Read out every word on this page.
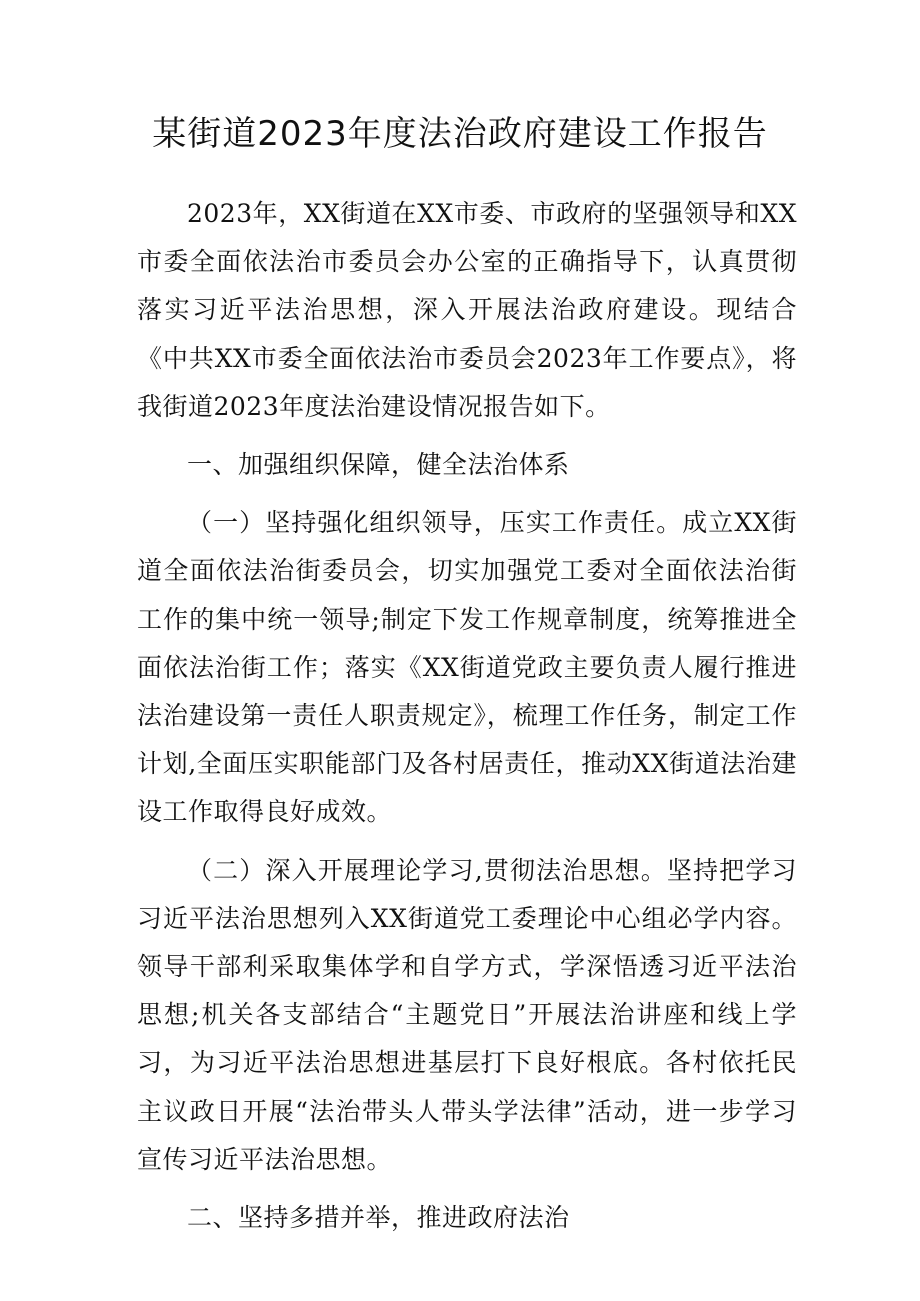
某街道2023年度法治政府建设工作报告

2023年，XX街道在XX市委、市政府的坚强领导和XX市委全面依法治市委员会办公室的正确指导下，认真贯彻落实习近平法治思想，深入开展法治政府建设。现结合《中共XX市委全面依法治市委员会2023年工作要点》，将我街道2023年度法治建设情况报告如下。

一、加强组织保障，健全法治体系

（一）坚持强化组织领导，压实工作责任。成立XX街道全面依法治街委员会，切实加强党工委对全面依法治街工作的集中统一领导;制定下发工作规章制度，统筹推进全面依法治街工作；落实《XX街道党政主要负责人履行推进法治建设第一责任人职责规定》，梳理工作任务，制定工作计划,全面压实职能部门及各村居责任，推动XX街道法治建设工作取得良好成效。

（二）深入开展理论学习,贯彻法治思想。坚持把学习习近平法治思想列入XX街道党工委理论中心组必学内容。领导干部利采取集体学和自学方式，学深悟透习近平法治思想;机关各支部结合“主题党日”开展法治讲座和线上学习，为习近平法治思想进基层打下良好根底。各村依托民主议政日开展“法治带头人带头学法律”活动，进一步学习宣传习近平法治思想。

二、坚持多措并举，推进政府法治
